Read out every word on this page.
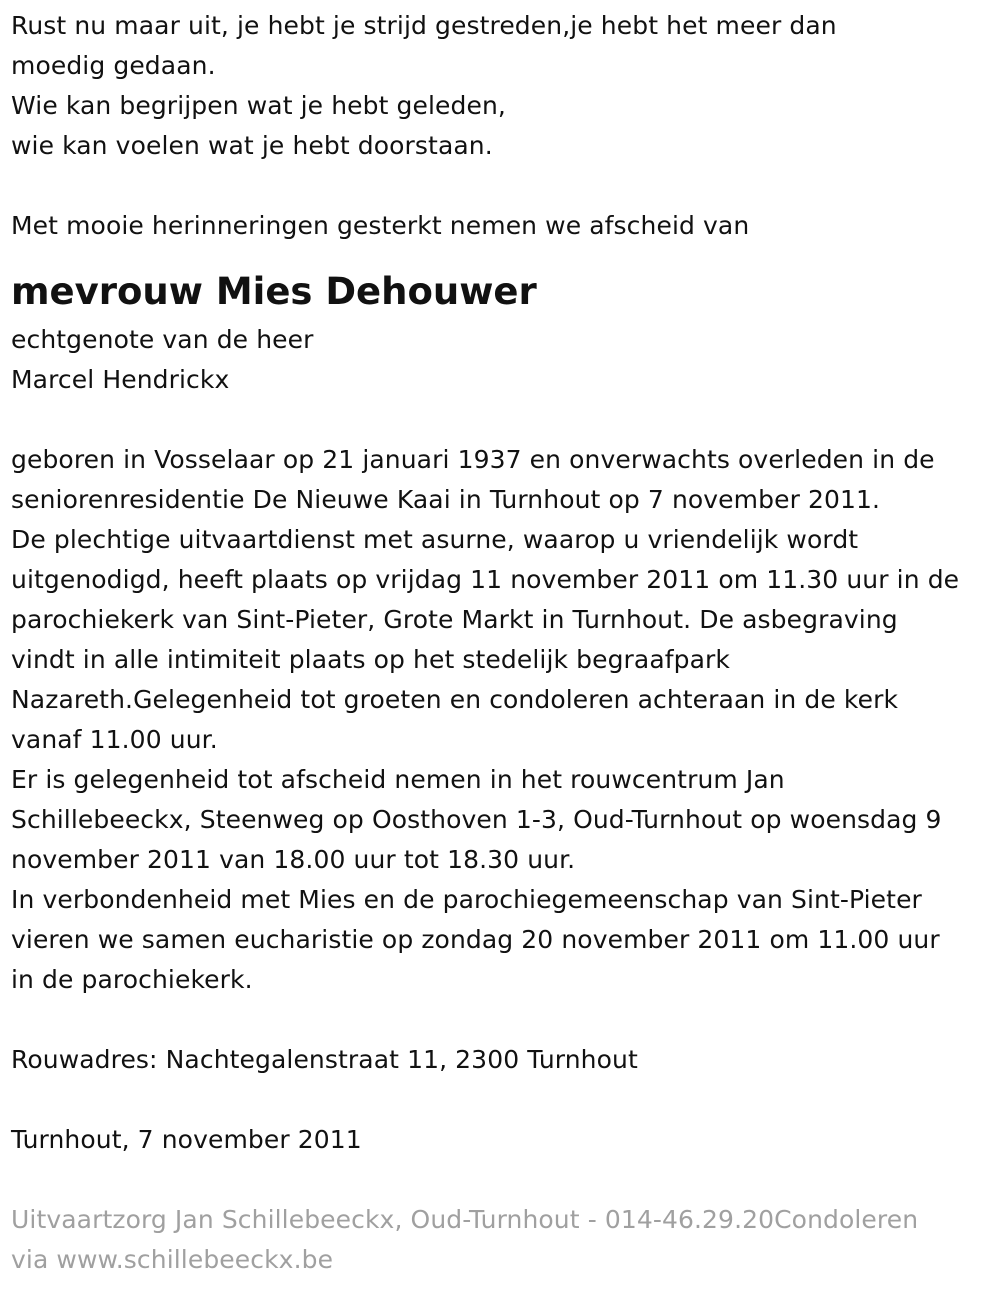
Rust nu maar uit, je hebt je strijd gestreden,je hebt het meer dan
moedig gedaan.
Wie kan begrijpen wat je hebt geleden,
wie kan voelen wat je hebt doorstaan.
Met mooie herinneringen gesterkt nemen we afscheid van
mevrouw Mies Dehouwer
echtgenote van de heer
Marcel Hendrickx
geboren in Vosselaar op 21 januari 1937 en onverwachts overleden in de
seniorenresidentie De Nieuwe Kaai in Turnhout op 7 november 2011.
De plechtige uitvaartdienst met asurne, waarop u vriendelijk wordt
uitgenodigd, heeft plaats op vrijdag 11 november 2011 om 11.30 uur in de
parochiekerk van Sint-Pieter, Grote Markt in Turnhout. De asbegraving
vindt in alle intimiteit plaats op het stedelijk begraafpark
Nazareth.Gelegenheid tot groeten en condoleren achteraan in de kerk
vanaf 11.00 uur.
Er is gelegenheid tot afscheid nemen in het rouwcentrum Jan
Schillebeeckx, Steenweg op Oosthoven 1-3, Oud-Turnhout op woensdag 9
november 2011 van 18.00 uur tot 18.30 uur.
In verbondenheid met Mies en de parochiegemeenschap van Sint-Pieter
vieren we samen eucharistie op zondag 20 november 2011 om 11.00 uur
in de parochiekerk.
Rouwadres: Nachtegalenstraat 11, 2300 Turnhout
Turnhout, 7 november 2011
Uitvaartzorg Jan Schillebeeckx, Oud-Turnhout - 014-46.29.20Condoleren
via www.schillebeeckx.be
